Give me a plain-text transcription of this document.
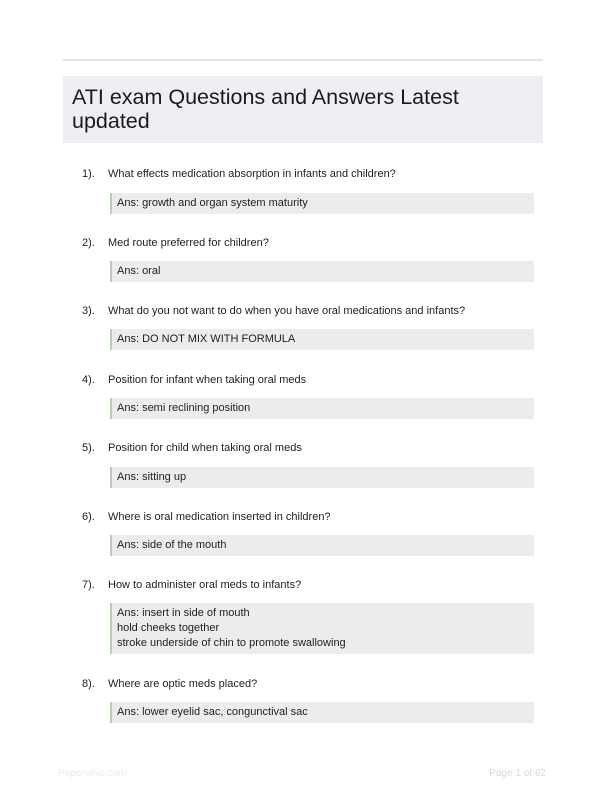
ATI exam Questions and Answers Latest
updated
1). What effects medication absorption in infants and children?
Ans: growth and organ system maturity
2). Med route preferred for children?
Ans: oral
3). What do you not want to do when you have oral medications and infants?
Ans: DO NOT MIX WITH FORMULA
4). Position for infant when taking oral meds
Ans: semi reclining position
5). Position for child when taking oral meds
Ans: sitting up
6). Where is oral medication inserted in children?
Ans: side of the mouth
7). How to administer oral meds to infants?
Ans: insert in side of mouth
hold cheeks together
stroke underside of chin to promote swallowing
8). Where are optic meds placed?
Ans: lower eyelid sac, congunctival sac
Paperwhic.com	Page 1 of 62
